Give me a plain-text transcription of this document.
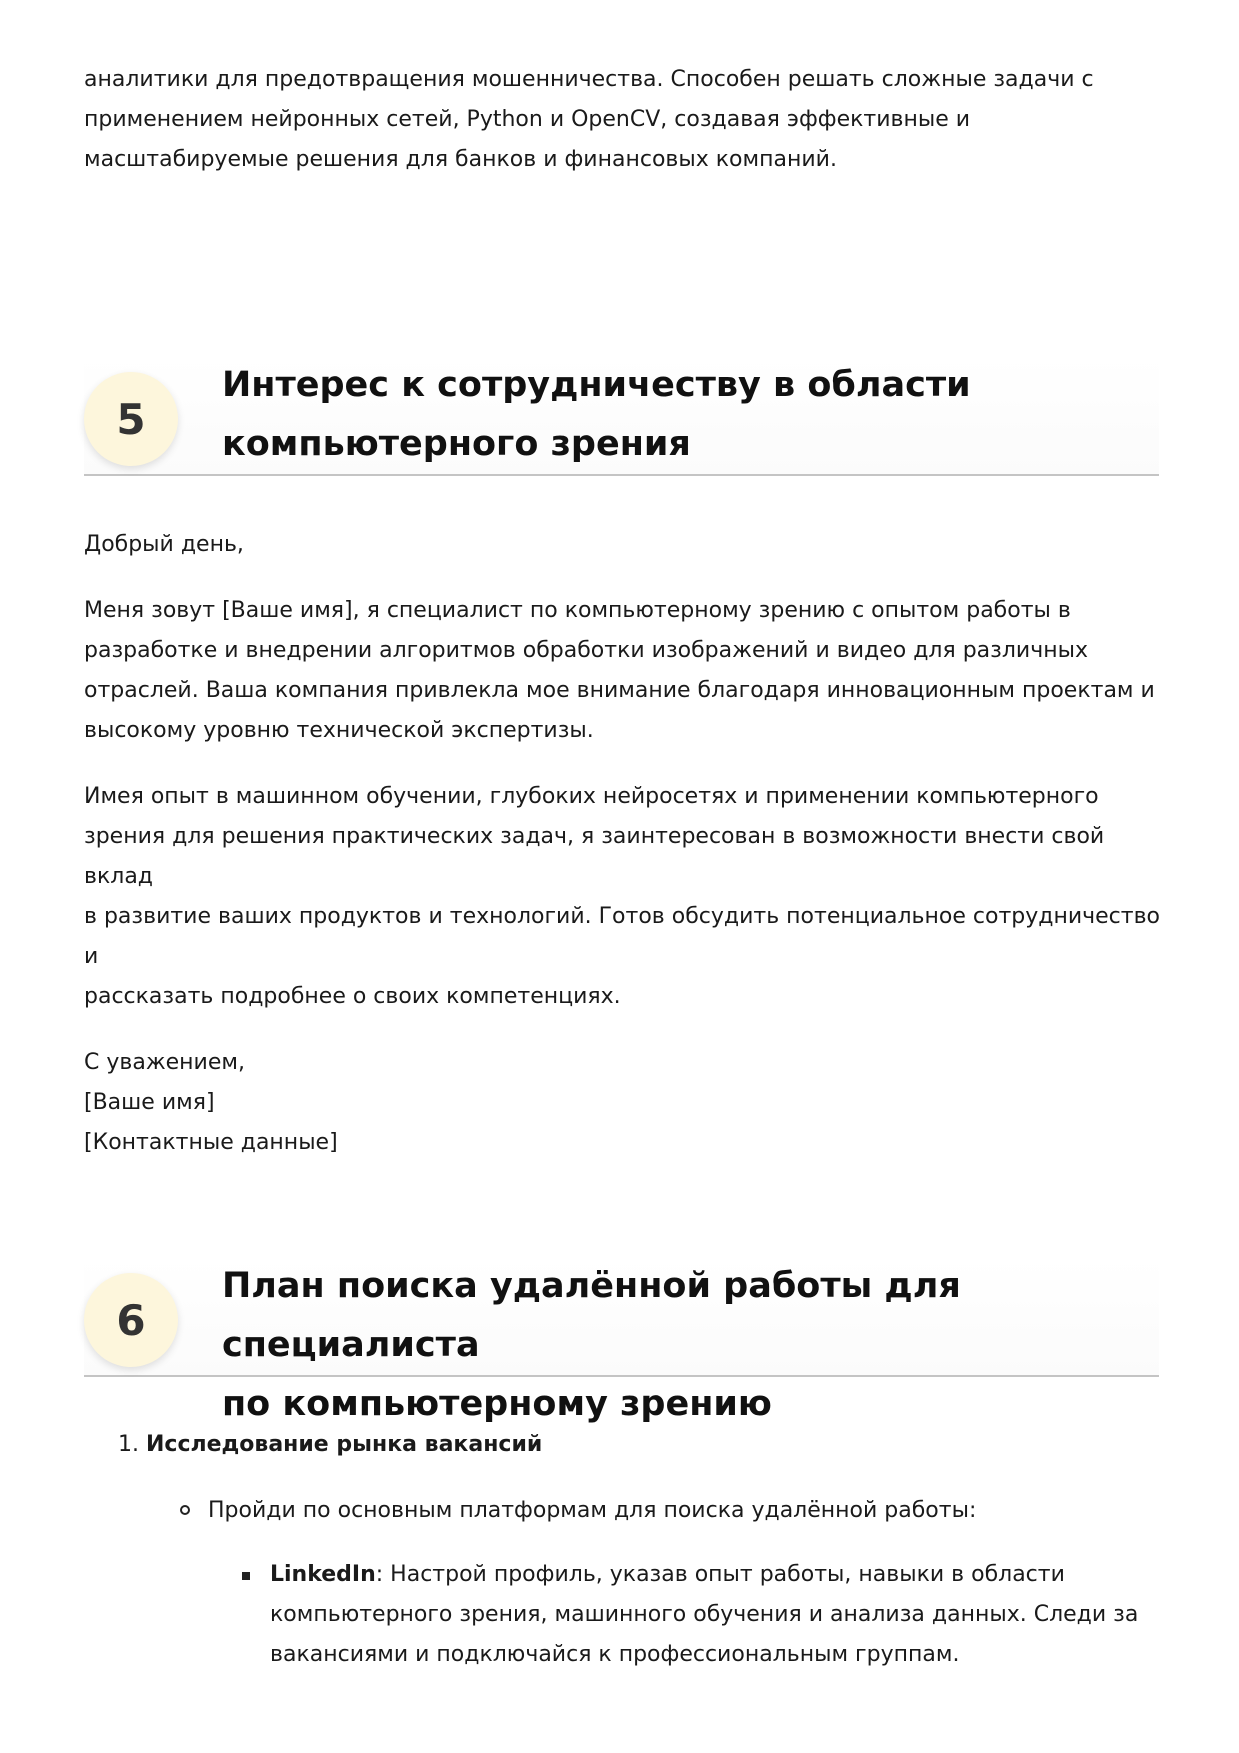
аналитики для предотвращения мошенничества. Способен решать сложные задачи с
применением нейронных сетей, Python и OpenCV, создавая эффективные и
масштабируемые решения для банков и финансовых компаний.

5
Интерес к сотрудничеству в области
компьютерного зрения

Добрый день,

Меня зовут [Ваше имя], я специалист по компьютерному зрению с опытом работы в
разработке и внедрении алгоритмов обработки изображений и видео для различных
отраслей. Ваша компания привлекла мое внимание благодаря инновационным проектам и
высокому уровню технической экспертизы.

Имея опыт в машинном обучении, глубоких нейросетях и применении компьютерного
зрения для решения практических задач, я заинтересован в возможности внести свой вклад
в развитие ваших продуктов и технологий. Готов обсудить потенциальное сотрудничество и
рассказать подробнее о своих компетенциях.

С уважением,
[Ваше имя]
[Контактные данные]

6
План поиска удалённой работы для специалиста
по компьютерному зрению
1. Исследование рынка вакансий
Пройди по основным платформам для поиска удалённой работы:
LinkedIn: Настрой профиль, указав опыт работы, навыки в области
компьютерного зрения, машинного обучения и анализа данных. Следи за
вакансиями и подключайся к профессиональным группам.
